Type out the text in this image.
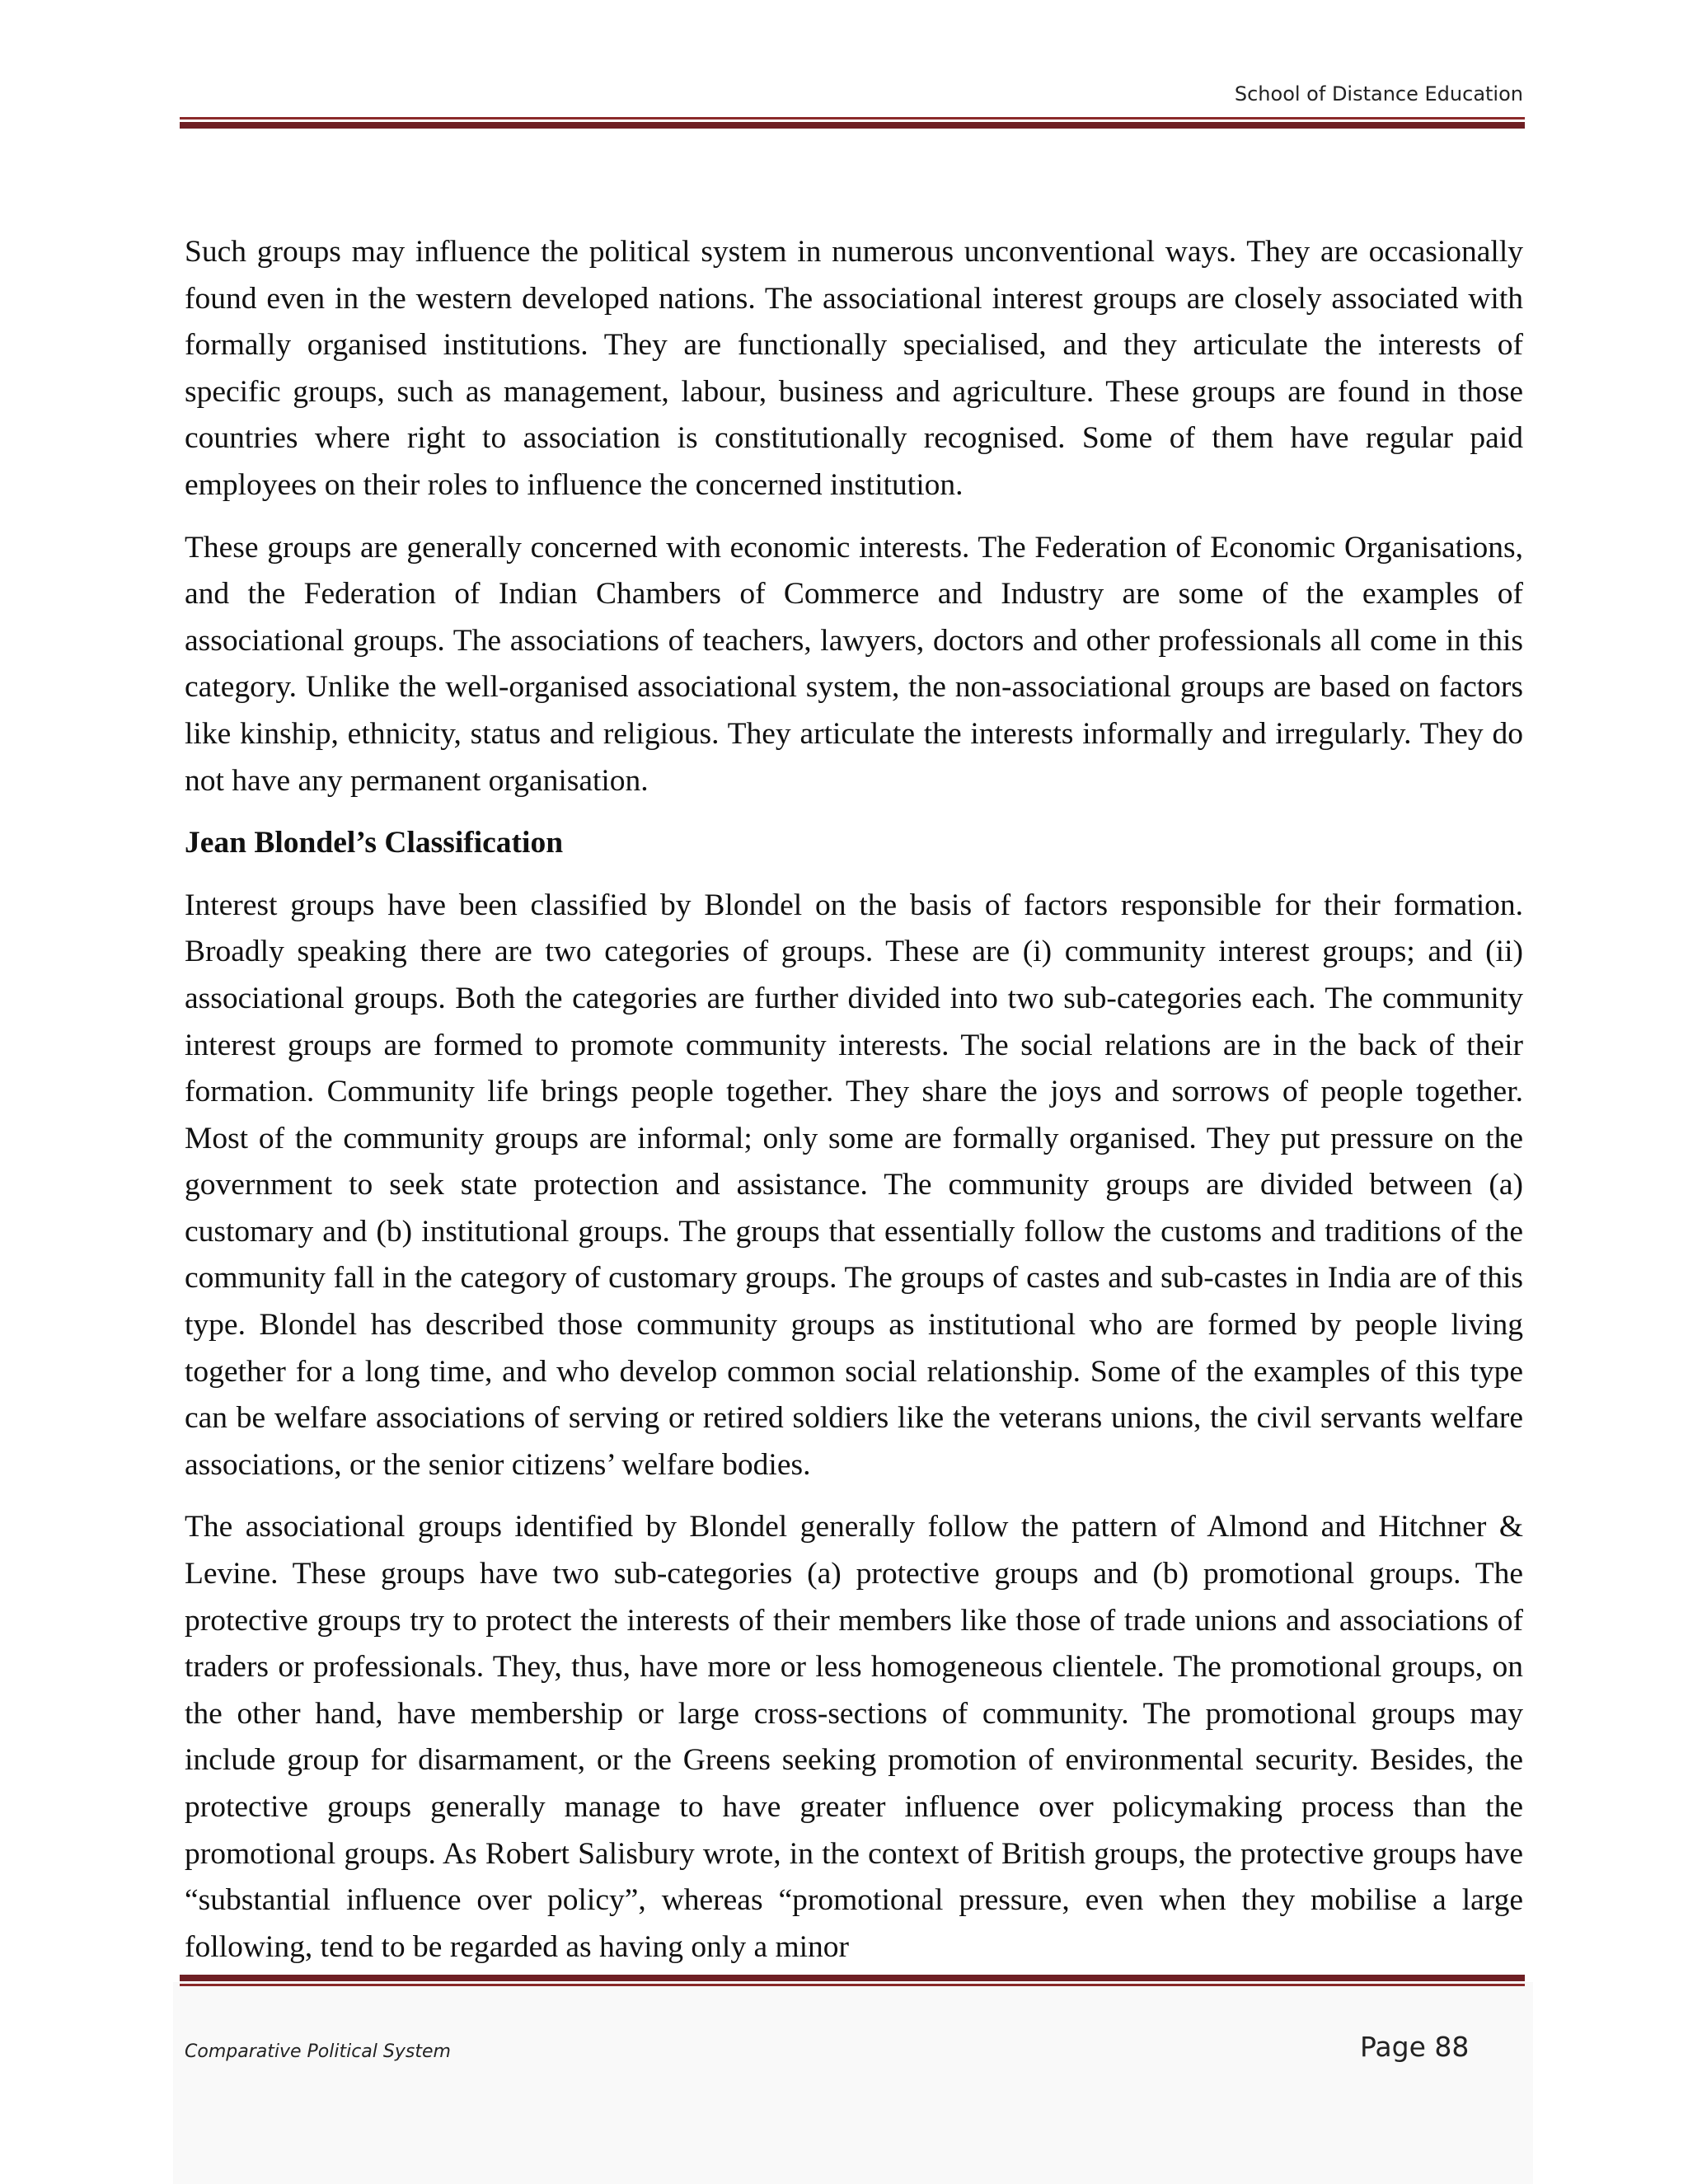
School of Distance Education

Such groups may influence the political system in numerous unconventional ways. They are occasionally found even in the western developed nations. The associational interest groups are closely associated with formally organised institutions. They are functionally specialised, and they articulate the interests of specific groups, such as management, labour, business and agriculture. These groups are found in those countries where right to association is constitutionally recognised. Some of them have regular paid employees on their roles to influence the concerned institution.

These groups are generally concerned with economic interests. The Federation of Economic Organisations, and the Federation of Indian Chambers of Commerce and Industry are some of the examples of associational groups. The associations of teachers, lawyers, doctors and other professionals all come in this category. Unlike the well-organised associational system, the non-associational groups are based on factors like kinship, ethnicity, status and religious. They articulate the interests informally and irregularly. They do not have any permanent organisation.

Jean Blondel’s Classification

Interest groups have been classified by Blondel on the basis of factors responsible for their formation. Broadly speaking there are two categories of groups. These are (i) community interest groups; and (ii) associational groups. Both the categories are further divided into two sub-categories each. The community interest groups are formed to promote community interests. The social relations are in the back of their formation. Community life brings people together. They share the joys and sorrows of people together. Most of the community groups are informal; only some are formally organised. They put pressure on the government to seek state protection and assistance. The community groups are divided between (a) customary and (b) institutional groups. The groups that essentially follow the customs and traditions of the community fall in the category of customary groups. The groups of castes and sub-castes in India are of this type. Blondel has described those community groups as institutional who are formed by people living together for a long time, and who develop common social relationship. Some of the examples of this type can be welfare associations of serving or retired soldiers like the veterans unions, the civil servants welfare associations, or the senior citizens’ welfare bodies.

The associational groups identified by Blondel generally follow the pattern of Almond and Hitchner & Levine. These groups have two sub-categories (a) protective groups and (b) promotional groups. The protective groups try to protect the interests of their members like those of trade unions and associations of traders or professionals. They, thus, have more or less homogeneous clientele. The promotional groups, on the other hand, have membership or large cross-sections of community. The promotional groups may include group for disarmament, or the Greens seeking promotion of environmental security. Besides, the protective groups generally manage to have greater influence over policymaking process than the promotional groups. As Robert Salisbury wrote, in the context of British groups, the protective groups have “substantial influence over policy”, whereas “promotional pressure, even when they mobilise a large following, tend to be regarded as having only a minor

Comparative Political System	Page 88
